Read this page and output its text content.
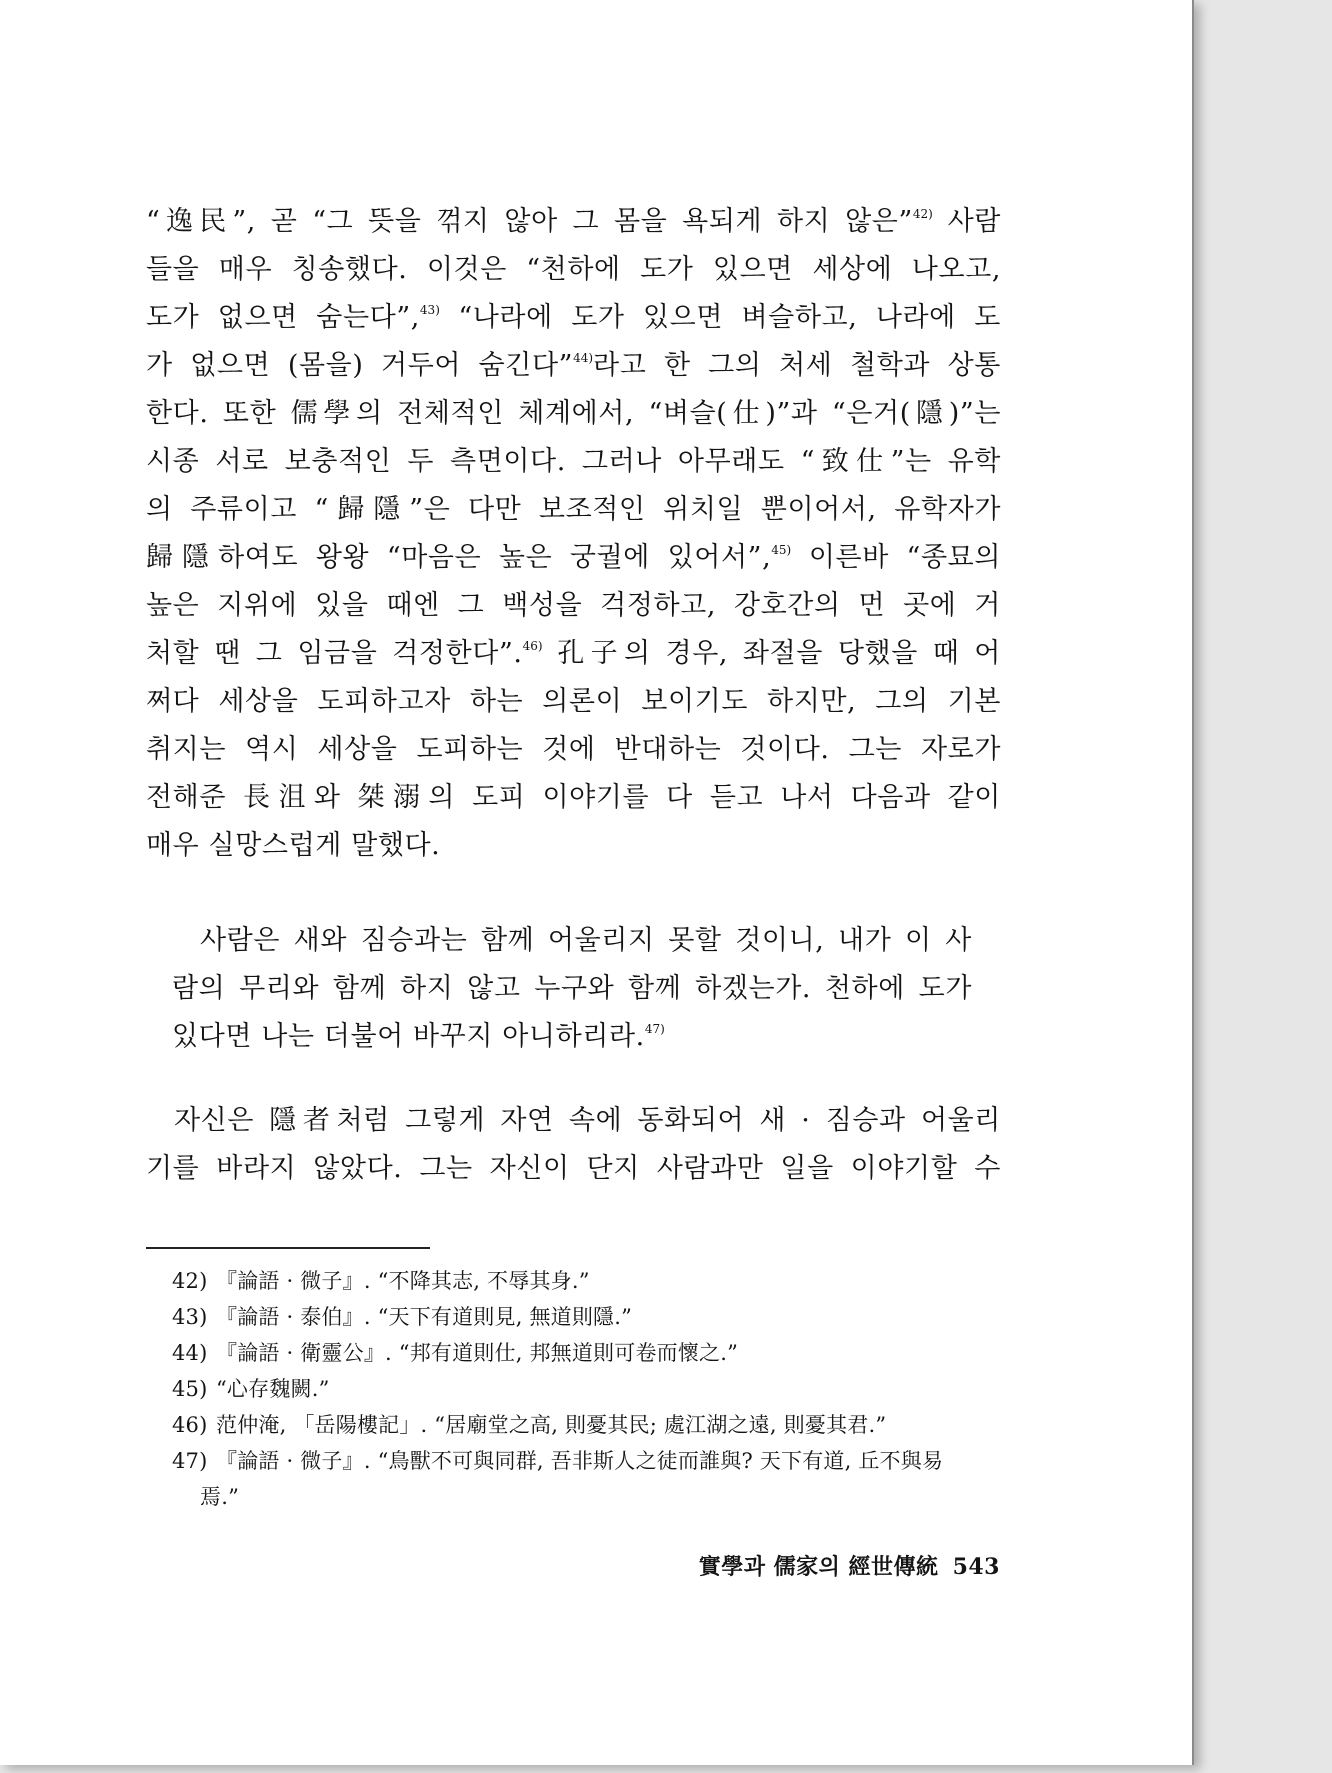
“逸民”, 곧 “그 뜻을 꺾지 않아 그 몸을 욕되게 하지 않은”$^{42)}$ 사람
들을 매우 칭송했다. 이것은 “천하에 도가 있으면 세상에 나오고,
도가 없으면 숨는다”,$^{43)}$ “나라에 도가 있으면 벼슬하고, 나라에 도
가 없으면 (몸을) 거두어 숨긴다”$^{44)}$라고 한 그의 처세 철학과 상통
한다. 또한 儒學의 전체적인 체계에서, “벼슬(仕)”과 “은거(隱)”는
시종 서로 보충적인 두 측면이다. 그러나 아무래도 “致仕”는 유학
의 주류이고 “歸隱”은 다만 보조적인 위치일 뿐이어서, 유학자가
歸隱하여도 왕왕 “마음은 높은 궁궐에 있어서”,$^{45)}$ 이른바 “종묘의
높은 지위에 있을 때엔 그 백성을 걱정하고, 강호간의 먼 곳에 거
처할 땐 그 임금을 걱정한다”.$^{46)}$ 孔子의 경우, 좌절을 당했을 때 어
쩌다 세상을 도피하고자 하는 의론이 보이기도 하지만, 그의 기본
취지는 역시 세상을 도피하는 것에 반대하는 것이다. 그는 자로가
전해준 長沮와 桀溺의 도피 이야기를 다 듣고 나서 다음과 같이
매우 실망스럽게 말했다.
사람은 새와 짐승과는 함께 어울리지 못할 것이니, 내가 이 사
람의 무리와 함께 하지 않고 누구와 함께 하겠는가. 천하에 도가
있다면 나는 더불어 바꾸지 아니하리라.$^{47)}$
자신은 隱者처럼 그렇게 자연 속에 동화되어 새 · 짐승과 어울리
기를 바라지 않았다. 그는 자신이 단지 사람과만 일을 이야기할 수
42) 『論語 · 微子』. “不降其志, 不辱其身.”
43) 『論語 · 泰伯』. “天下有道則見, 無道則隱.”
44) 『論語 · 衛靈公』. “邦有道則仕, 邦無道則可卷而懷之.”
45) “心存魏闕.”
46) 范仲淹, 「岳陽樓記」. “居廟堂之高, 則憂其民; 處江湖之遠, 則憂其君.”
47) 『論語 · 微子』. “鳥獸不可與同群, 吾非斯人之徒而誰與? 天下有道, 丘不與易
焉.”
實學과 儒家의 經世傳統 543
